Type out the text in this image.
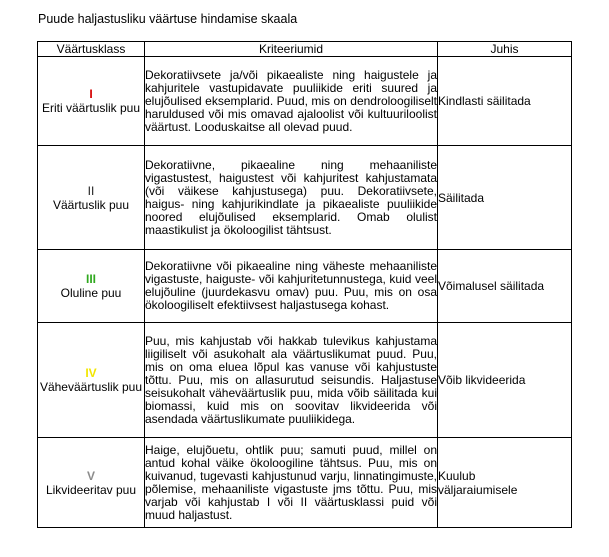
Puude haljastusliku väärtuse hindamise skaala
Väärtusklass	Kriteeriumid	Juhis

I
Eriti väärtuslik puu	Dekoratiivsete ja/või pikaealiste ning haigustele ja kahjuritele vastupidavate puuliikide eriti suured ja elujõulised eksemplarid. Puud, mis on dendroloogiliselt haruldused või mis omavad ajaloolist või kultuuriloolist väärtust. Looduskaitse all olevad puud.	Kindlasti säilitada

II
Väärtuslik puu	Dekoratiivne, pikaealine ning mehaaniliste vigastustest, haigustest või kahjuritest kahjustamata (või väikese kahjustusega) puu. Dekoratiivsete, haigus- ning kahjurikindlate ja pikaealiste puuliikide noored elujõulised eksemplarid. Omab olulist maastikulist ja ökoloogilist tähtsust.	Säilitada

III
Oluline puu	Dekoratiivne või pikaealine ning väheste mehaaniliste vigastuste, haiguste- või kahjuritetunnustega, kuid veel elujõuline (juurdekasvu omav) puu. Puu, mis on osa ökoloogiliselt efektiivsest haljastusega kohast.	Võimalusel säilitada

IV
Väheväärtuslik puu	Puu, mis kahjustab või hakkab tulevikus kahjustama liigiliselt või asukohalt ala väärtuslikumat puud. Puu, mis on oma eluea lõpul kas vanuse või kahjustuste tõttu. Puu, mis on allasurutud seisundis. Haljastuse seisukohalt väheväärtuslik puu, mida võib säilitada kui biomassi, kuid mis on soovitav likvideerida või asendada väärtuslikumate puuliikidega.	Võib likvideerida

V
Likvideeritav puu	Haige, elujõuetu, ohtlik puu; samuti puud, millel on antud kohal väike ökoloogiline tähtsus. Puu, mis on kuivanud, tugevasti kahjustunud varju, linnatingimuste, põlemise, mehaaniliste vigastuste jms tõttu. Puu, mis varjab või kahjustab I või II väärtusklassi puid või muud haljastust.	Kuulub
väljaraiumisele
